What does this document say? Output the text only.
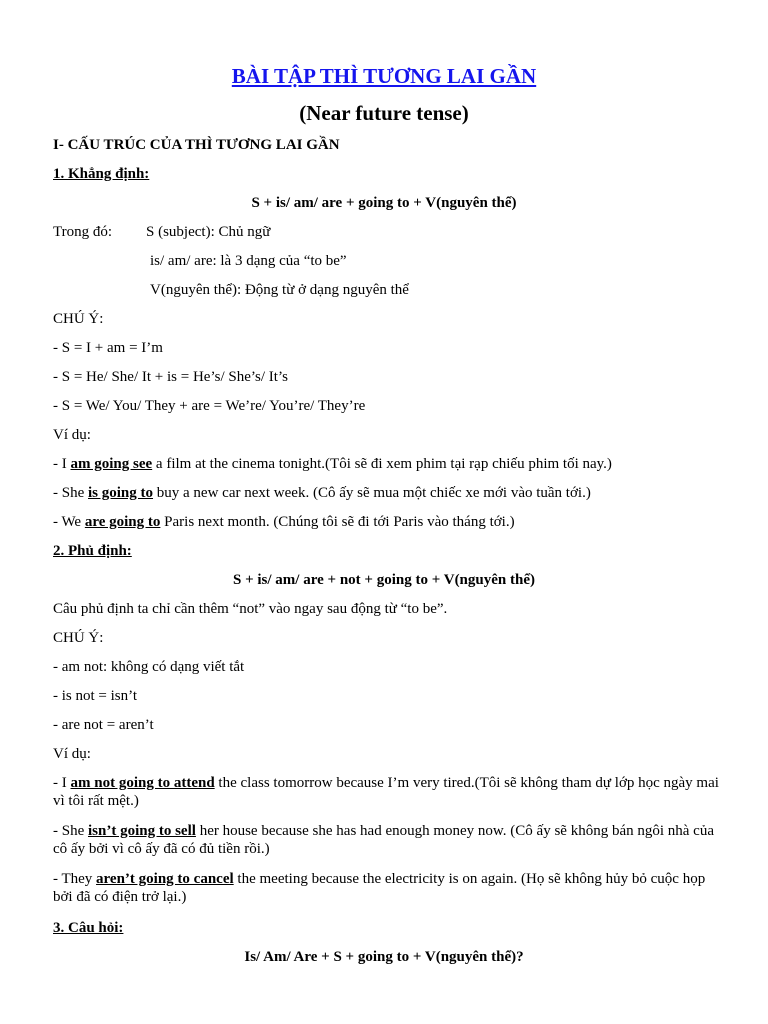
BÀI TẬP THÌ TƯƠNG LAI GẦN
(Near future tense)
I- CẤU TRÚC CỦA THÌ TƯƠNG LAI GẦN
1. Khẳng định:
S + is/ am/ are + going to + V(nguyên thể)
Trong đó:	S (subject): Chủ ngữ
is/ am/ are: là 3 dạng của “to be”
V(nguyên thể): Động từ ở dạng nguyên thể
CHÚ Ý:
- S = I + am = I’m
- S = He/ She/ It + is = He’s/ She’s/ It’s
- S = We/ You/ They + are = We’re/ You’re/ They’re
Ví dụ:
- I am going see a film at the cinema tonight.(Tôi sẽ đi xem phim tại rạp chiếu phim tối nay.)
- She is going to buy a new car next week. (Cô ấy sẽ mua một chiếc xe mới vào tuần tới.)
- We are going to Paris next month. (Chúng tôi sẽ đi tới Paris vào tháng tới.)
2. Phủ định:
S + is/ am/ are + not + going to + V(nguyên thể)
Câu phủ định ta chỉ cần thêm “not” vào ngay sau động từ “to be”.
CHÚ Ý:
- am not: không có dạng viết tắt
- is not = isn’t
- are not = aren’t
Ví dụ:
- I am not going to attend the class tomorrow because I’m very tired.(Tôi sẽ không tham dự lớp học ngày mai vì tôi rất mệt.)
- She isn’t going to sell her house because she has had enough money now. (Cô ấy sẽ không bán ngôi nhà của cô ấy bởi vì cô ấy đã có đủ tiền rồi.)
- They aren’t going to cancel the meeting because the electricity is on again. (Họ sẽ không hủy bỏ cuộc họp bởi đã có điện trở lại.)
3. Câu hỏi:
Is/ Am/ Are + S + going to + V(nguyên thể)?
